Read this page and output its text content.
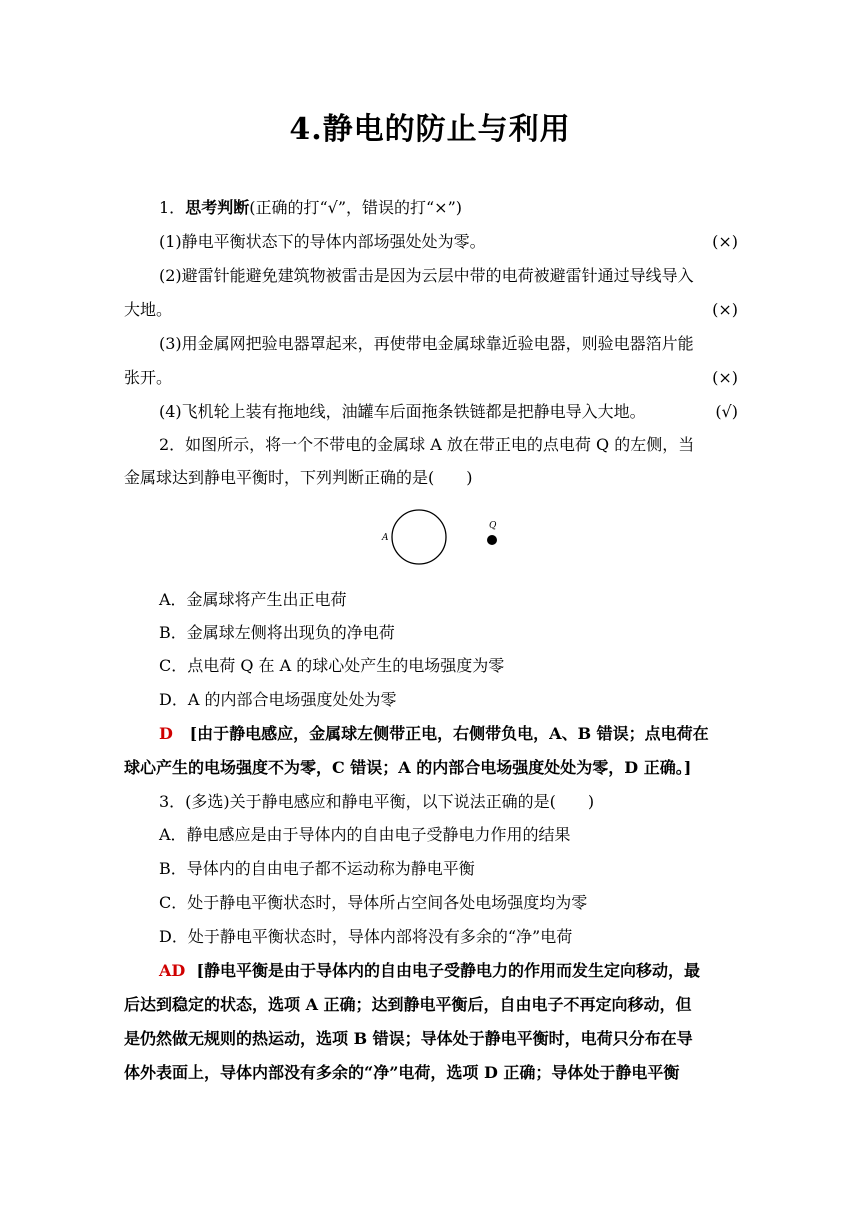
4.静电的防止与利用
1．思考判断(正确的打“√”，错误的打“×”)
(1)静电平衡状态下的导体内部场强处处为零。	(×)
(2)避雷针能避免建筑物被雷击是因为云层中带的电荷被避雷针通过导线导入
大地。	(×)
(3)用金属网把验电器罩起来，再使带电金属球靠近验电器，则验电器箔片能
张开。	(×)
(4)飞机轮上装有拖地线，油罐车后面拖条铁链都是把静电导入大地。	(√)
2．如图所示，将一个不带电的金属球 A 放在带正电的点电荷 Q 的左侧，当
金属球达到静电平衡时，下列判断正确的是(　　)
A
Q
A．金属球将产生出正电荷
B．金属球左侧将出现负的净电荷
C．点电荷 Q 在 A 的球心处产生的电场强度为零
D．A 的内部合电场强度处处为零
D [由于静电感应，金属球左侧带正电，右侧带负电，A、B 错误；点电荷在
球心产生的电场强度不为零，C 错误；A 的内部合电场强度处处为零，D 正确。]
3．(多选)关于静电感应和静电平衡，以下说法正确的是(　　)
A．静电感应是由于导体内的自由电子受静电力作用的结果
B．导体内的自由电子都不运动称为静电平衡
C．处于静电平衡状态时，导体所占空间各处电场强度均为零
D．处于静电平衡状态时，导体内部将没有多余的“净”电荷
AD [静电平衡是由于导体内的自由电子受静电力的作用而发生定向移动，最
后达到稳定的状态，选项 A 正确；达到静电平衡后，自由电子不再定向移动，但
是仍然做无规则的热运动，选项 B 错误；导体处于静电平衡时，电荷只分布在导
体外表面上，导体内部没有多余的“净”电荷，选项 D 正确；导体处于静电平衡
